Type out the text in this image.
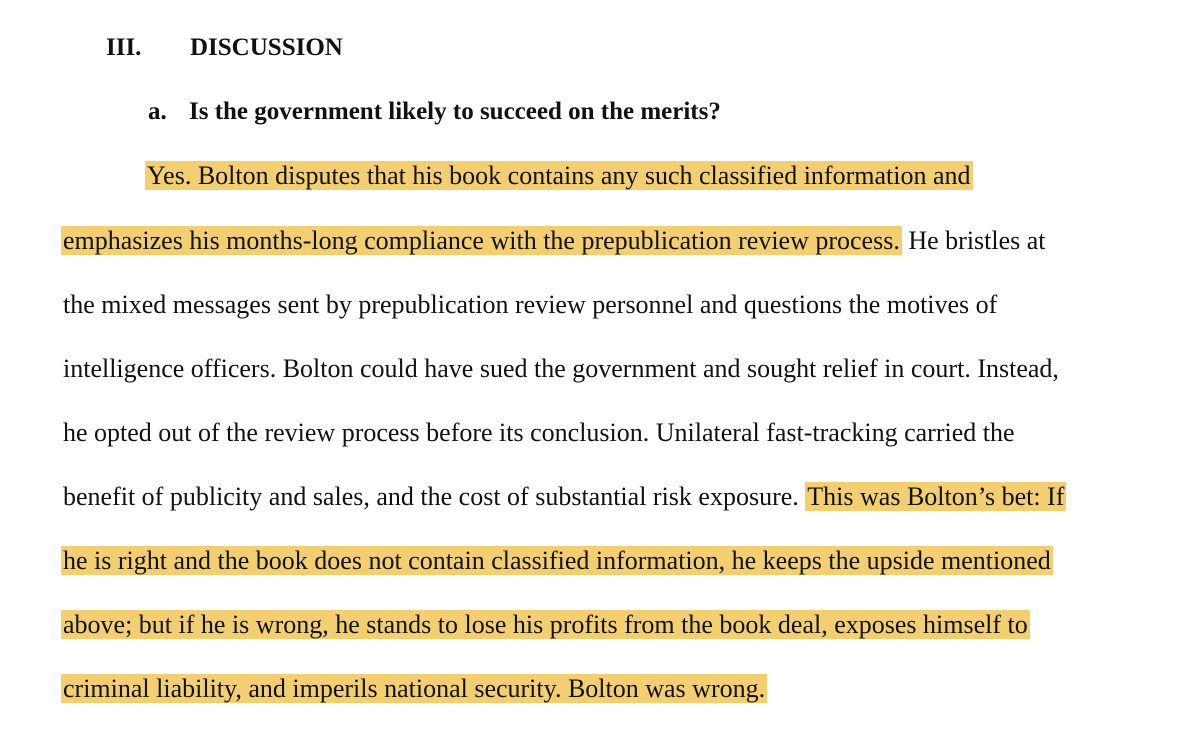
III. DISCUSSION
a. Is the government likely to succeed on the merits?
Yes. Bolton disputes that his book contains any such classified information and
emphasizes his months-long compliance with the prepublication review process. He bristles at
the mixed messages sent by prepublication review personnel and questions the motives of
intelligence officers. Bolton could have sued the government and sought relief in court. Instead,
he opted out of the review process before its conclusion. Unilateral fast-tracking carried the
benefit of publicity and sales, and the cost of substantial risk exposure. This was Bolton’s bet: If
he is right and the book does not contain classified information, he keeps the upside mentioned
above; but if he is wrong, he stands to lose his profits from the book deal, exposes himself to
criminal liability, and imperils national security. Bolton was wrong.
